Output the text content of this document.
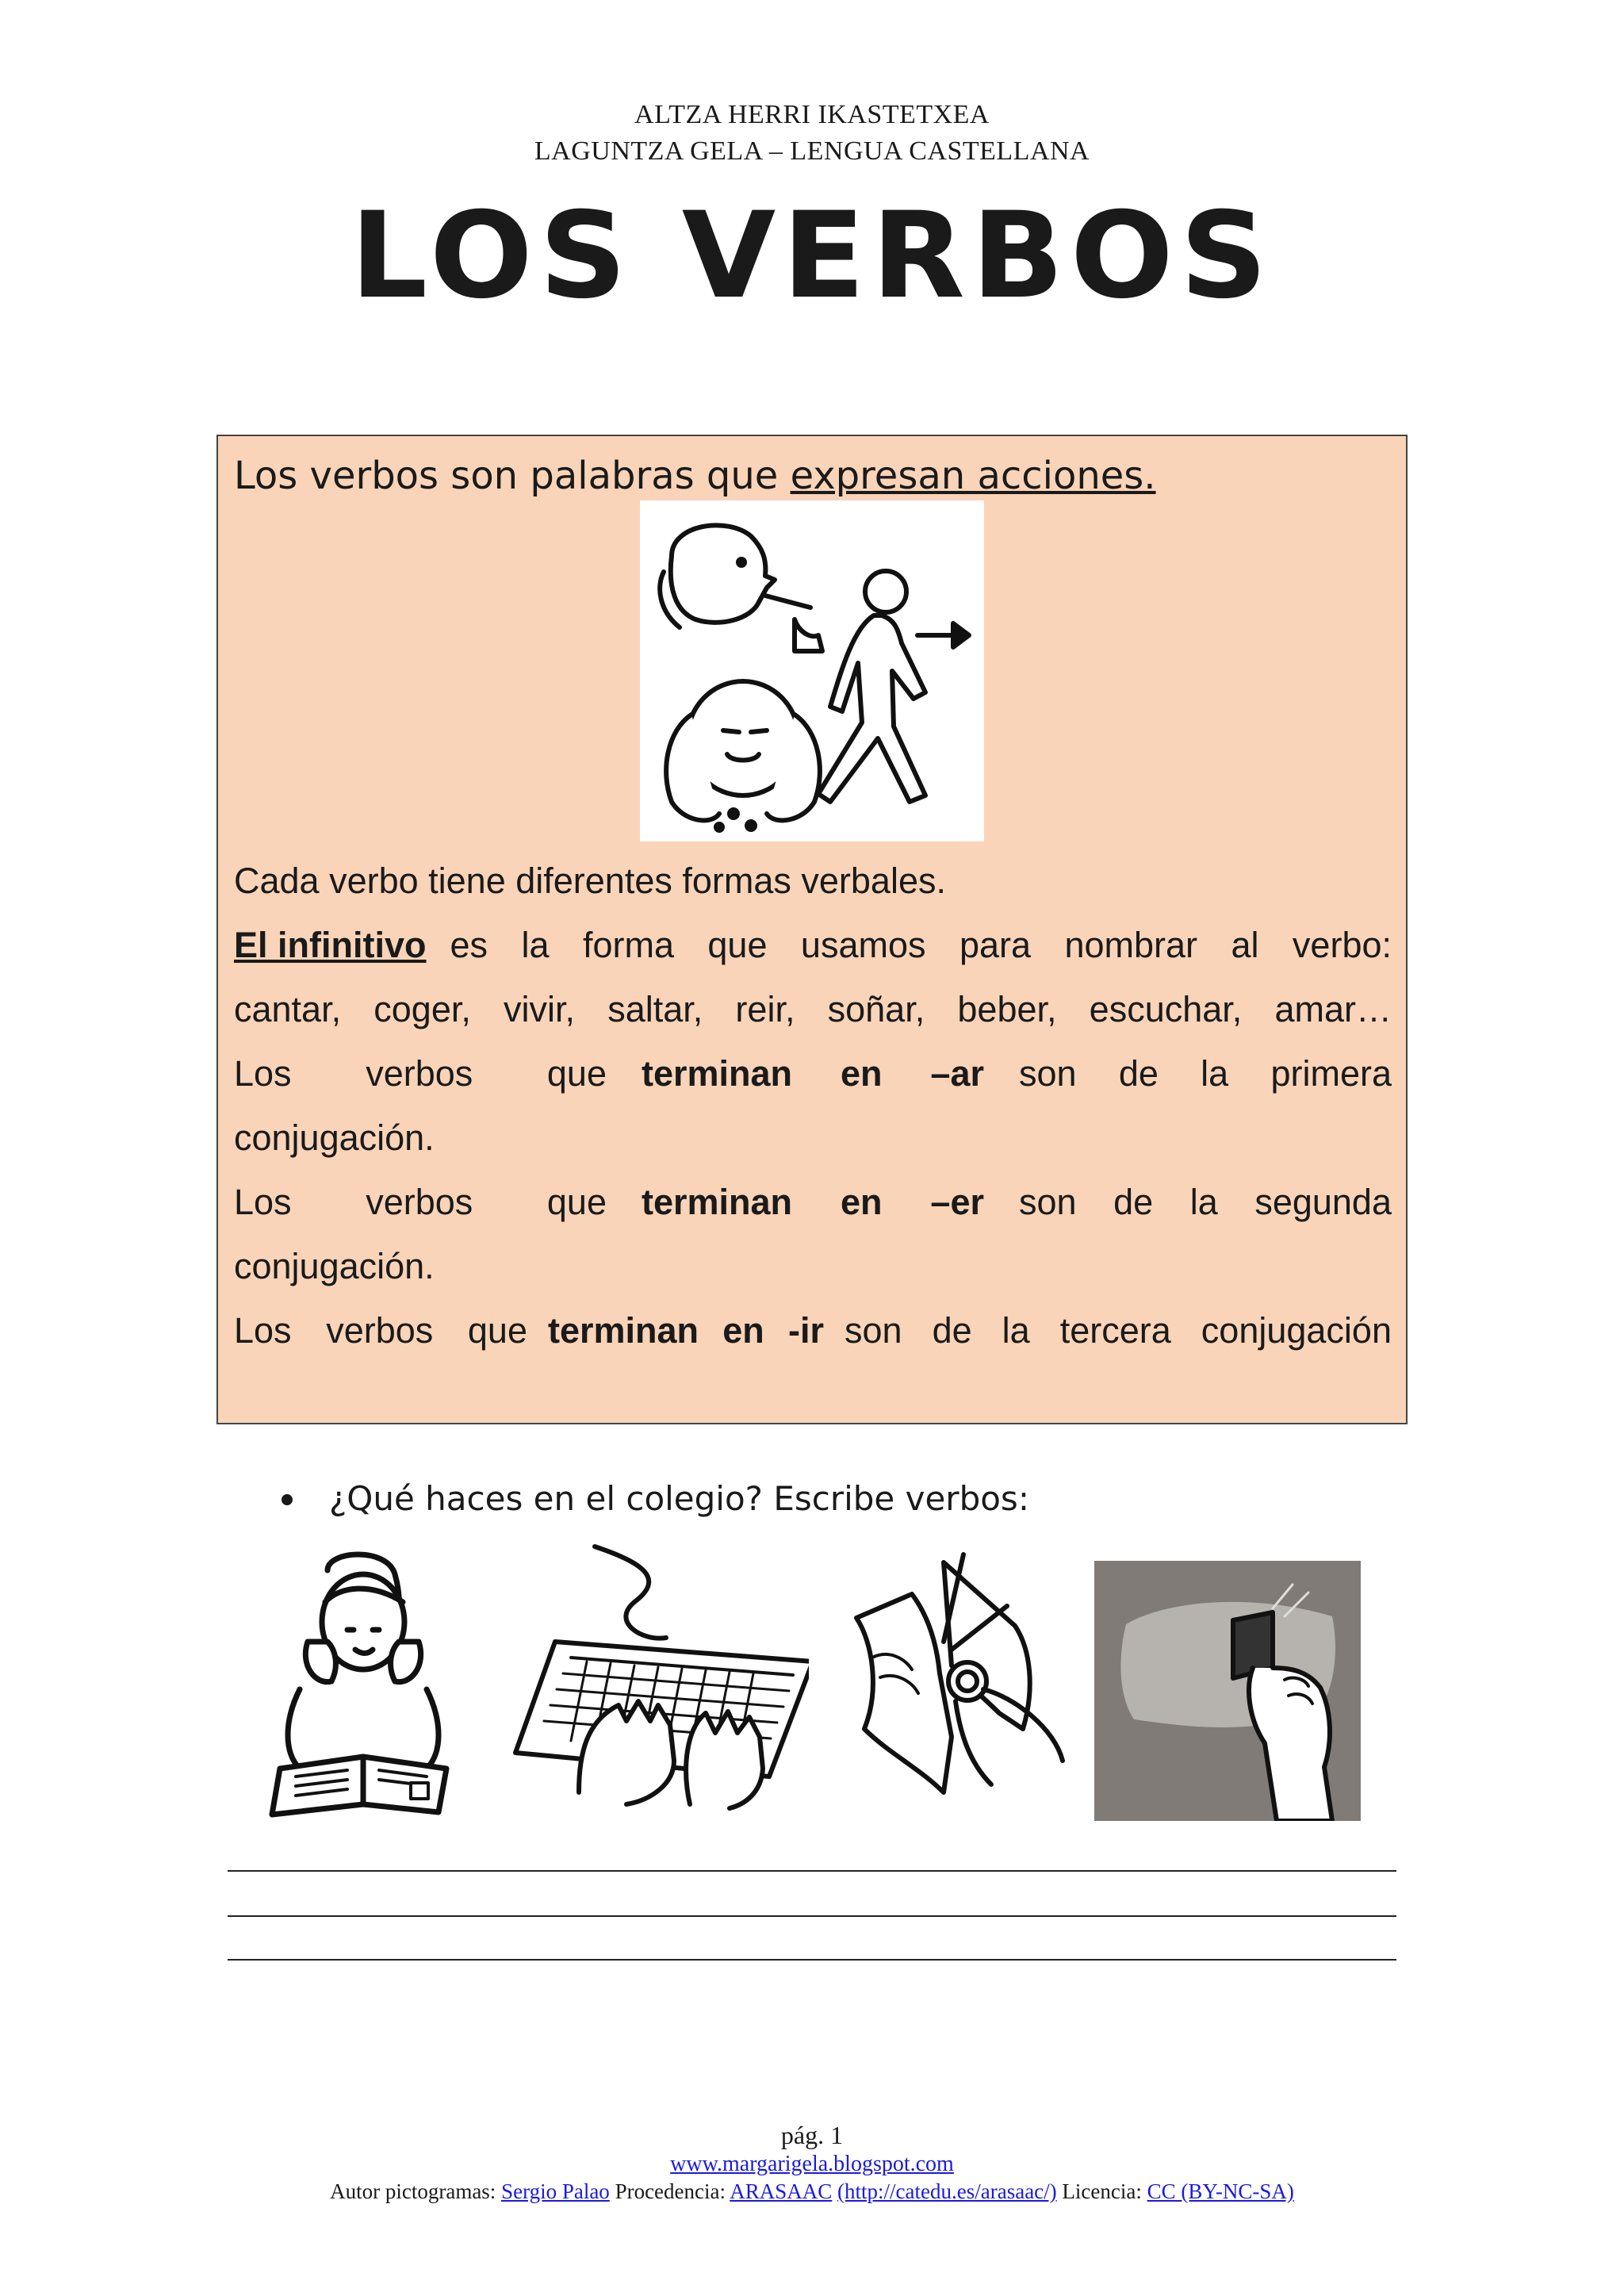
ALTZA HERRI IKASTETXEA
LAGUNTZA GELA – LENGUA CASTELLANA
LOS VERBOS
Los verbos son palabras que expresan acciones.
Cada verbo tiene diferentes formas verbales.
El infinitivo es la forma que usamos para nombrar al verbo:
cantar, coger, vivir, saltar, reir, soñar, beber, escuchar, amar…
Los verbos que terminan en –ar son de la primera
conjugación.
Los verbos que terminan en –er son de la segunda
conjugación.
Los verbos que terminan en -ir son de la tercera conjugación
¿Qué haces en el colegio? Escribe verbos:
pág. 1
www.margarigela.blogspot.com
Autor pictogramas: Sergio Palao Procedencia: ARASAAC (http://catedu.es/arasaac/) Licencia: CC (BY-NC-SA)
